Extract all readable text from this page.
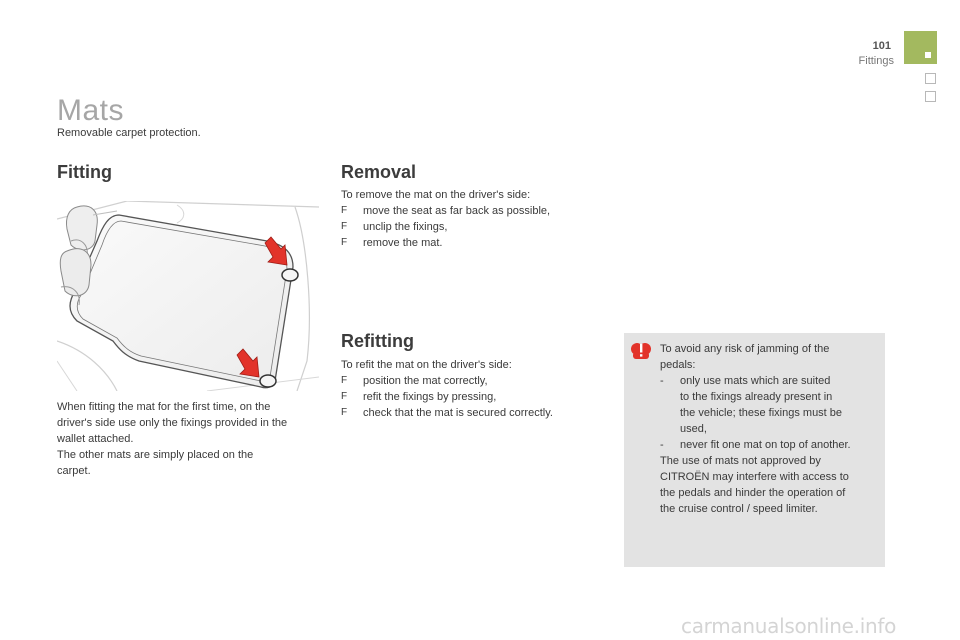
101
Fittings
Mats
Removable carpet protection.
Fitting	Removal
Refitting
When fitting the mat for the first time, on the
driver's side use only the fixings provided in the
wallet attached.
The other mats are simply placed on the
carpet.
To remove the mat on the driver's side:
F move the seat as far back as possible,
F unclip the fixings,
F remove the mat.
To refit the mat on the driver's side:
F position the mat correctly,
F refit the fixings by pressing,
F check that the mat is secured correctly.
To avoid any risk of jamming of the
pedals:
- only use mats which are suited
to the fixings already present in
the vehicle; these fixings must be
used,
- never fit one mat on top of another.
The use of mats not approved by
CITROËN may interfere with access to
the pedals and hinder the operation of
the cruise control / speed limiter.
carmanualsonline.info
